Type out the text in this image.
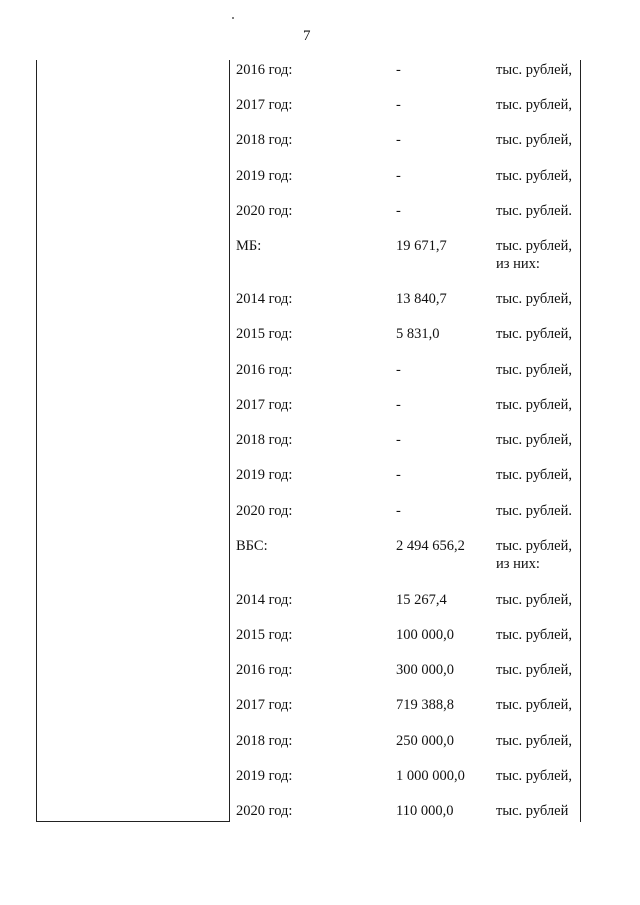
7
2016 год:	-	тыс. рублей,
2017 год:	-	тыс. рублей,
2018 год:	-	тыс. рублей,
2019 год:	-	тыс. рублей,
2020 год:	-	тыс. рублей.
МБ:	19 671,7	тыс. рублей, из них:
2014 год:	13 840,7	тыс. рублей,
2015 год:	5 831,0	тыс. рублей,
2016 год:	-	тыс. рублей,
2017 год:	-	тыс. рублей,
2018 год:	-	тыс. рублей,
2019 год:	-	тыс. рублей,
2020 год:	-	тыс. рублей.
ВБС:	2 494 656,2 тыс. рублей, из них:
2014 год:	15 267,4	тыс. рублей,
2015 год:	100 000,0	тыс. рублей,
2016 год:	300 000,0	тыс. рублей,
2017 год:	719 388,8	тыс. рублей,
2018 год:	250 000,0	тыс. рублей,
2019 год:	1 000 000,0 тыс. рублей,
2020 год:	110 000,0	тыс. рублей
